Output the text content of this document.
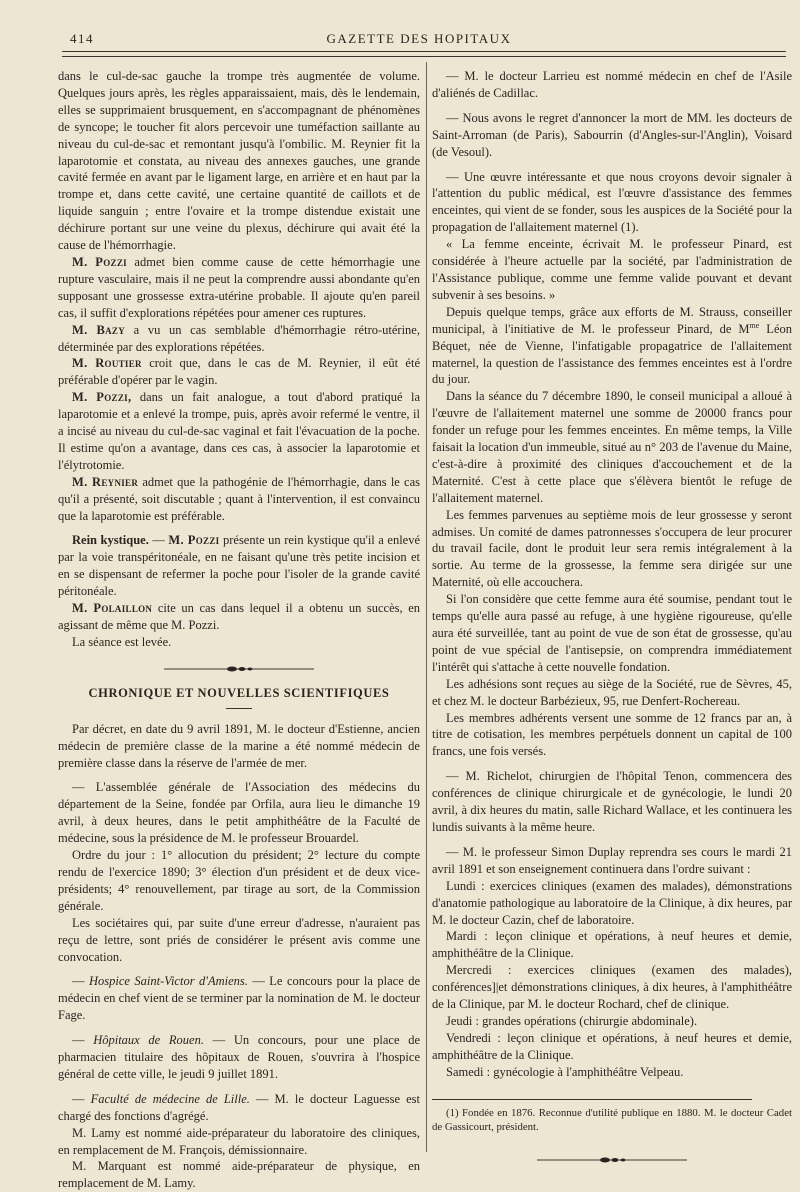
414	GAZETTE DES HOPITAUX

dans le cul-de-sac gauche la trompe très augmentée de volume. Quelques jours après, les règles apparaissaient, mais, dès le lendemain, elles se supprimaient brusquement, en s'accompagnant de phénomènes de syncope; le toucher fit alors percevoir une tuméfaction saillante au niveau du cul-de-sac et remontant jusqu'à l'ombilic. M. Reynier fit la laparotomie et constata, au niveau des annexes gauches, une grande cavité fermée en avant par le ligament large, en arrière et en haut par la trompe et, dans cette cavité, une certaine quantité de caillots et de liquide sanguin ; entre l'ovaire et la trompe distendue existait une déchirure portant sur une veine du plexus, déchirure qui avait été la cause de l'hémorrhagie.

M. Pozzi admet bien comme cause de cette hémorrhagie une rupture vasculaire, mais il ne peut la comprendre aussi abondante qu'en supposant une grossesse extra-utérine probable. Il ajoute qu'en pareil cas, il suffit d'explorations répétées pour amener ces ruptures.

M. Bazy a vu un cas semblable d'hémorrhagie rétro-utérine, déterminée par des explorations répétées.

M. Routier croit que, dans le cas de M. Reynier, il eût été préférable d'opérer par le vagin.

M. Pozzi, dans un fait analogue, a tout d'abord pratiqué la laparotomie et a enlevé la trompe, puis, après avoir refermé le ventre, il a incisé au niveau du cul-de-sac vaginal et fait l'évacuation de la poche. Il estime qu'on a avantage, dans ces cas, à associer la laparotomie et l'élytrotomie.

M. Reynier admet que la pathogénie de l'hémorrhagie, dans le cas qu'il a présenté, soit discutable ; quant à l'intervention, il est convaincu que la laparotomie est préférable.

Rein kystique. — M. Pozzi présente un rein kystique qu'il a enlevé par la voie transpéritonéale, en ne faisant qu'une très petite incision et en se dispensant de refermer la poche pour l'isoler de la grande cavité péritonéale.

M. Polaillon cite un cas dans lequel il a obtenu un succès, en agissant de même que M. Pozzi.

La séance est levée.

CHRONIQUE ET NOUVELLES SCIENTIFIQUES

Par décret, en date du 9 avril 1891, M. le docteur d'Estienne, ancien médecin de première classe de la marine a été nommé médecin de première classe dans la réserve de l'armée de mer.

— L'assemblée générale de l'Association des médecins du département de la Seine, fondée par Orfila, aura lieu le dimanche 19 avril, à deux heures, dans le petit amphithéâtre de la Faculté de médecine, sous la présidence de M. le professeur Brouardel.

Ordre du jour : 1° allocution du président; 2° lecture du compte rendu de l'exercice 1890; 3° élection d'un président et de deux vice-présidents; 4° renouvellement, par tirage au sort, de la Commission générale.

Les sociétaires qui, par suite d'une erreur d'adresse, n'auraient pas reçu de lettre, sont priés de considérer le présent avis comme une convocation.

— Hospice Saint-Victor d'Amiens. — Le concours pour la place de médecin en chef vient de se terminer par la nomination de M. le docteur Fage.

— Hôpitaux de Rouen. — Un concours, pour une place de pharmacien titulaire des hôpitaux de Rouen, s'ouvrira à l'hospice général de cette ville, le jeudi 9 juillet 1891.

— Faculté de médecine de Lille. — M. le docteur Laguesse est chargé des fonctions d'agrégé.

M. Lamy est nommé aide-préparateur du laboratoire des cliniques, en remplacement de M. François, démissionnaire.

M. Marquant est nommé aide-préparateur de physique, en remplacement de M. Lamy.

— M. le docteur Larrieu est nommé médecin en chef de l'Asile d'aliénés de Cadillac.

— Nous avons le regret d'annoncer la mort de MM. les docteurs de Saint-Arroman (de Paris), Sabourrin (d'Angles-sur-l'Anglin), Voisard (de Vesoul).

— Une œuvre intéressante et que nous croyons devoir signaler à l'attention du public médical, est l'œuvre d'assistance des femmes enceintes, qui vient de se fonder, sous les auspices de la Société pour la propagation de l'allaitement maternel (1).

« La femme enceinte, écrivait M. le professeur Pinard, est considérée à l'heure actuelle par la société, par l'administration de l'Assistance publique, comme une femme valide pouvant et devant subvenir à ses besoins. »

Depuis quelque temps, grâce aux efforts de M. Strauss, conseiller municipal, à l'initiative de M. le professeur Pinard, de $M^{me}$ Léon Béquet, née de Vienne, l'infatigable propagatrice de l'allaitement maternel, la question de l'assistance des femmes enceintes est à l'ordre du jour.

Dans la séance du 7 décembre 1890, le conseil municipal a alloué à l'œuvre de l'allaitement maternel une somme de 20000 francs pour fonder un refuge pour les femmes enceintes. En même temps, la Ville faisait la location d'un immeuble, situé au n° 203 de l'avenue du Maine, c'est-à-dire à proximité des cliniques d'accouchement et de la Maternité. C'est à cette place que s'élèvera bientôt le refuge de l'allaitement maternel.

Les femmes parvenues au septième mois de leur grossesse y seront admises. Un comité de dames patronnesses s'occupera de leur procurer du travail facile, dont le produit leur sera remis intégralement à la sortie. Au terme de la grossesse, la femme sera dirigée sur une Maternité, où elle accouchera.

Si l'on considère que cette femme aura été soumise, pendant tout le temps qu'elle aura passé au refuge, à une hygiène rigoureuse, qu'elle aura été surveillée, tant au point de vue de son état de grossesse, qu'au point de vue spécial de l'antisepsie, on comprendra immédiatement l'intérêt qui s'attache à cette nouvelle fondation.

Les adhésions sont reçues au siège de la Société, rue de Sèvres, 45, et chez M. le docteur Barbézieux, 95, rue Denfert-Rochereau.

Les membres adhérents versent une somme de 12 francs par an, à titre de cotisation, les membres perpétuels donnent un capital de 100 francs, une fois versés.

— M. Richelot, chirurgien de l'hôpital Tenon, commencera des conférences de clinique chirurgicale et de gynécologie, le lundi 20 avril, à dix heures du matin, salle Richard Wallace, et les continuera les lundis suivants à la même heure.

— M. le professeur Simon Duplay reprendra ses cours le mardi 21 avril 1891 et son enseignement continuera dans l'ordre suivant :

Lundi : exercices cliniques (examen des malades), démonstrations d'anatomie pathologique au laboratoire de la Clinique, à dix heures, par M. le docteur Cazin, chef de laboratoire.

Mardi : leçon clinique et opérations, à neuf heures et demie, amphithéâtre de la Clinique.

Mercredi : exercices cliniques (examen des malades), conférences]|et démonstrations cliniques, à dix heures, à l'amphithéâtre de la Clinique, par M. le docteur Rochard, chef de clinique.

Jeudi : grandes opérations (chirurgie abdominale).

Vendredi : leçon clinique et opérations, à neuf heures et demie, amphithéâtre de la Clinique.

Samedi : gynécologie à l'amphithéâtre Velpeau.

(1) Fondée en 1876. Reconnue d'utilité publique en 1880. M. le docteur Cadet de Gassicourt, président.
